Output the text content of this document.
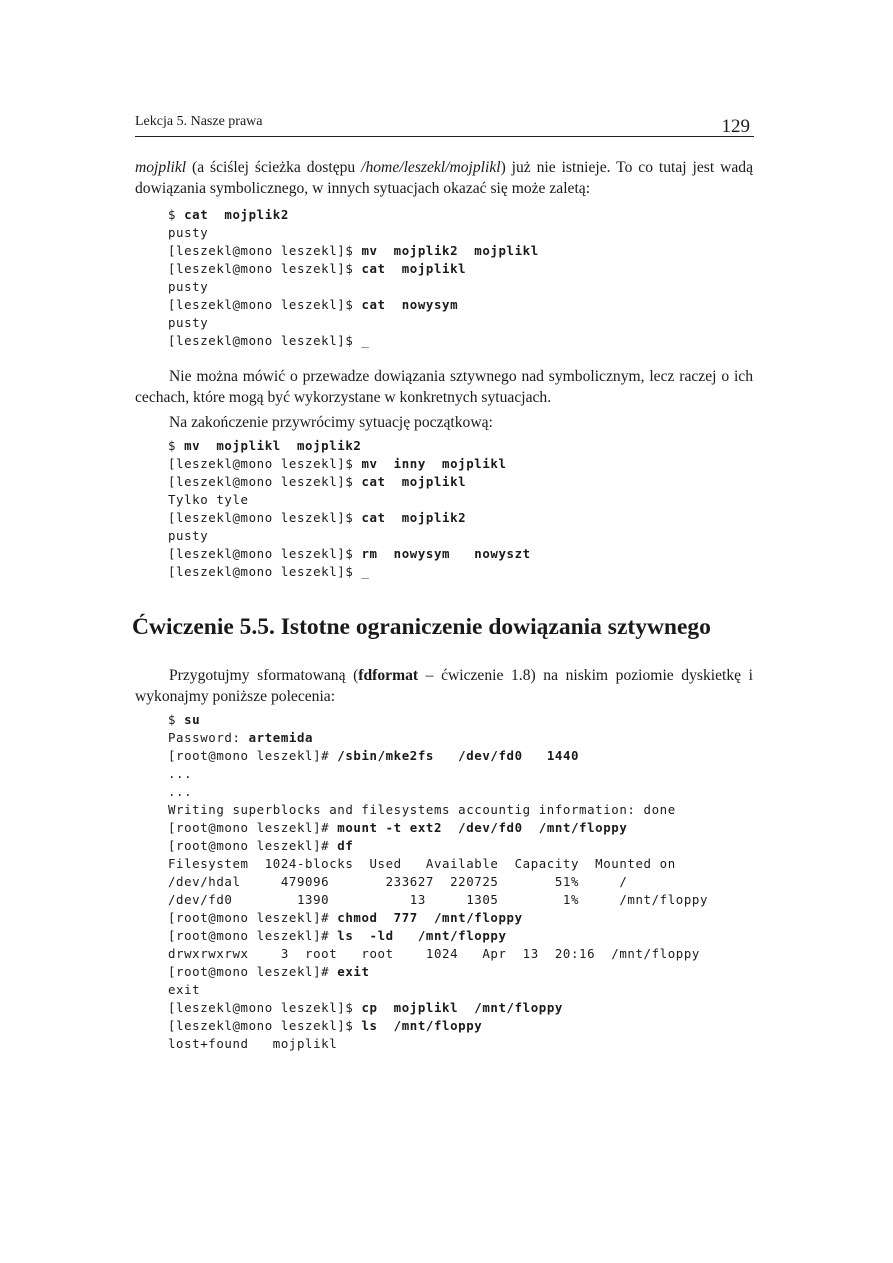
Lekcja 5. Nasze prawa	129

mojplikl (a ściślej ścieżka dostępu /home/leszekl/mojplikl) już nie istnieje. To co tutaj jest wadą dowiązania symbolicznego, w innych sytuacjach okazać się może zaletą:

$ cat  mojplik2
pusty
[leszekl@mono leszekl]$ mv  mojplik2  mojplikl
[leszekl@mono leszekl]$ cat  mojplikl
pusty
[leszekl@mono leszekl]$ cat  nowysym
pusty
[leszekl@mono leszekl]$ _

Nie można mówić o przewadze dowiązania sztywnego nad symbolicznym, lecz raczej o ich cechach, które mogą być wykorzystane w konkretnych sytuacjach.

Na zakończenie przywrócimy sytuację początkową:

$ mv  mojplikl  mojplik2
[leszekl@mono leszekl]$ mv  inny  mojplikl
[leszekl@mono leszekl]$ cat  mojplikl
Tylko tyle
[leszekl@mono leszekl]$ cat  mojplik2
pusty
[leszekl@mono leszekl]$ rm  nowysym   nowyszt
[leszekl@mono leszekl]$ _
Ćwiczenie 5.5. Istotne ograniczenie dowiązania sztywnego

Przygotujmy sformatowaną (fdformat – ćwiczenie 1.8) na niskim poziomie dyskietkę i wykonajmy poniższe polecenia:

$ su
Password: artemida
[root@mono leszekl]# /sbin/mke2fs   /dev/fd0   1440
...
...
Writing superblocks and filesystems accountig information: done
[root@mono leszekl]# mount -t ext2  /dev/fd0  /mnt/floppy
[root@mono leszekl]# df
Filesystem  1024-blocks  Used   Available  Capacity  Mounted on
/dev/hdal     479096       233627  220725       51%     /
/dev/fd0        1390          13     1305        1%     /mnt/floppy
[root@mono leszekl]# chmod  777  /mnt/floppy
[root@mono leszekl]# ls  -ld   /mnt/floppy
drwxrwxrwx    3  root   root    1024   Apr  13  20:16  /mnt/floppy
[root@mono leszekl]# exit
exit
[leszekl@mono leszekl]$ cp  mojplikl  /mnt/floppy
[leszekl@mono leszekl]$ ls  /mnt/floppy
lost+found   mojplikl
